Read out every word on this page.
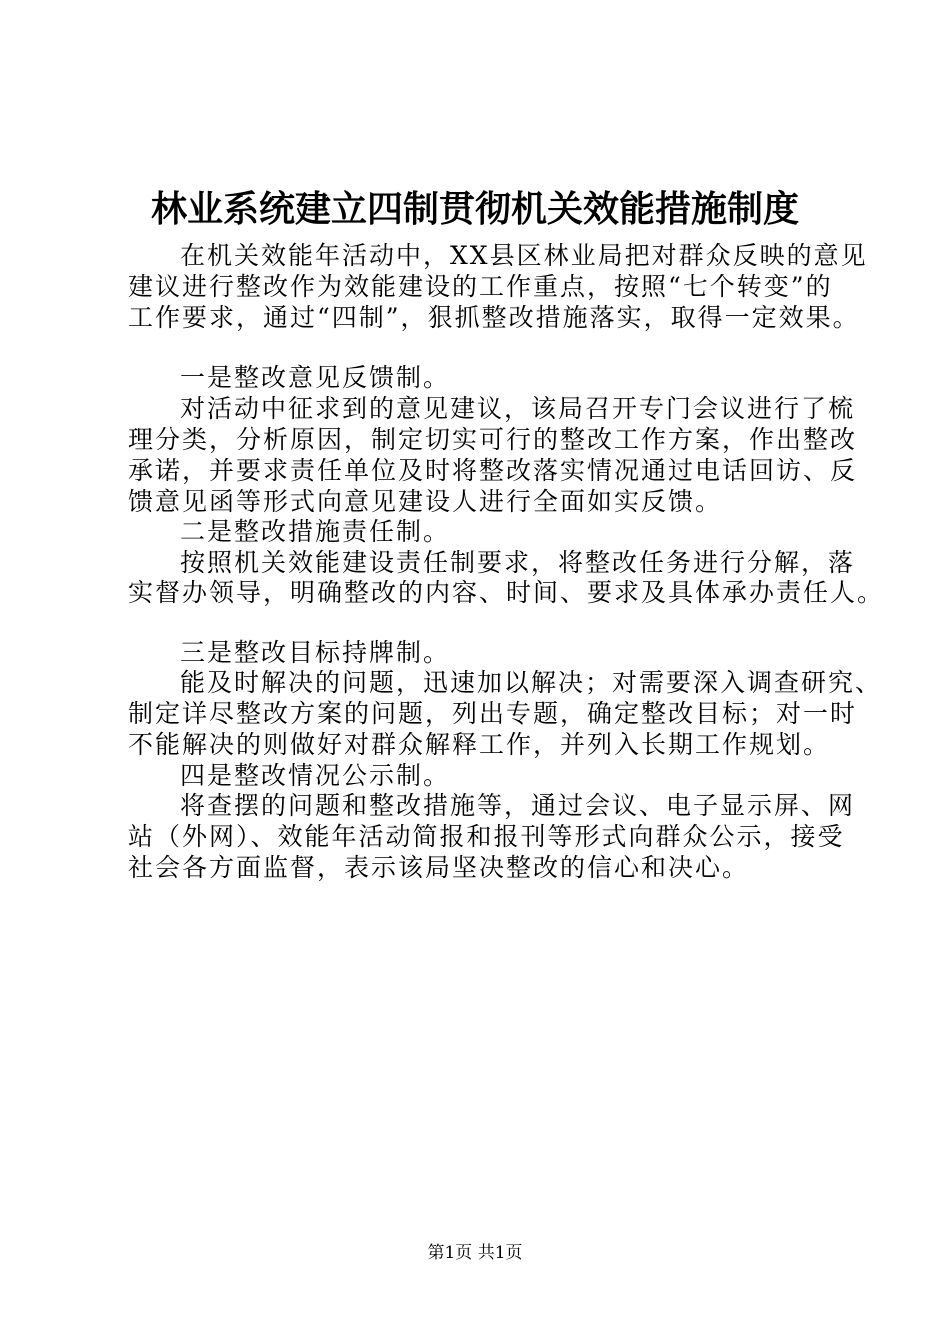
林业系统建立四制贯彻机关效能措施制度
在机关效能年活动中，XX县区林业局把对群众反映的意见
建议进行整改作为效能建设的工作重点，按照“七个转变”的
工作要求，通过“四制”，狠抓整改措施落实，取得一定效果。
一是整改意见反馈制。
对活动中征求到的意见建议，该局召开专门会议进行了梳
理分类，分析原因，制定切实可行的整改工作方案，作出整改
承诺，并要求责任单位及时将整改落实情况通过电话回访、反
馈意见函等形式向意见建设人进行全面如实反馈。
二是整改措施责任制。
按照机关效能建设责任制要求，将整改任务进行分解，落
实督办领导，明确整改的内容、时间、要求及具体承办责任人。
三是整改目标持牌制。
能及时解决的问题，迅速加以解决；对需要深入调查研究、
制定详尽整改方案的问题，列出专题，确定整改目标；对一时
不能解决的则做好对群众解释工作，并列入长期工作规划。
四是整改情况公示制。
将查摆的问题和整改措施等，通过会议、电子显示屏、网
站（外网）、效能年活动简报和报刊等形式向群众公示，接受
社会各方面监督，表示该局坚决整改的信心和决心。
第1页 共1页
